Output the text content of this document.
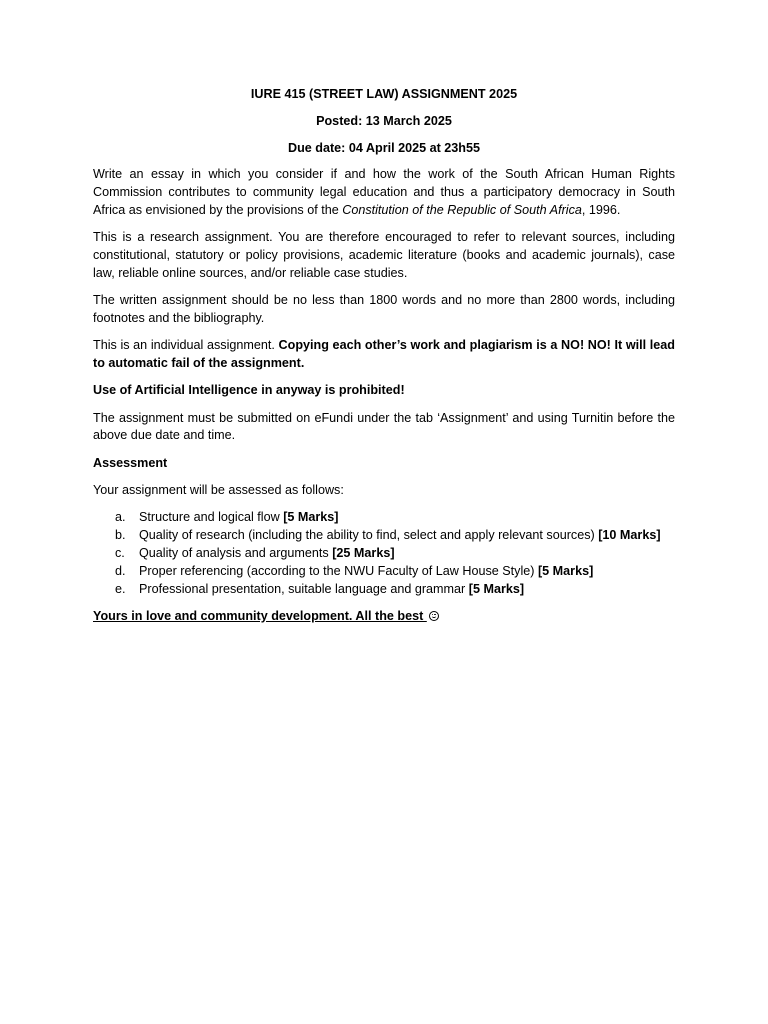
IURE 415 (STREET LAW) ASSIGNMENT 2025

Posted: 13 March 2025

Due date: 04 April 2025 at 23h55

Write an essay in which you consider if and how the work of the South African Human Rights Commission contributes to community legal education and thus a participatory democracy in South Africa as envisioned by the provisions of the Constitution of the Republic of South Africa, 1996.

This is a research assignment. You are therefore encouraged to refer to relevant sources, including constitutional, statutory or policy provisions, academic literature (books and academic journals), case law, reliable online sources, and/or reliable case studies.

The written assignment should be no less than 1800 words and no more than 2800 words, including footnotes and the bibliography.

This is an individual assignment. Copying each other’s work and plagiarism is a NO! NO! It will lead to automatic fail of the assignment.

Use of Artificial Intelligence in anyway is prohibited!

The assignment must be submitted on eFundi under the tab ‘Assignment’ and using Turnitin before the above due date and time.

Assessment

Your assignment will be assessed as follows:

a. Structure and logical flow [5 Marks]
b. Quality of research (including the ability to find, select and apply relevant sources) [10 Marks]
c. Quality of analysis and arguments [25 Marks]
d. Proper referencing (according to the NWU Faculty of Law House Style) [5 Marks]
e. Professional presentation, suitable language and grammar [5 Marks]

Yours in love and community development. All the best
